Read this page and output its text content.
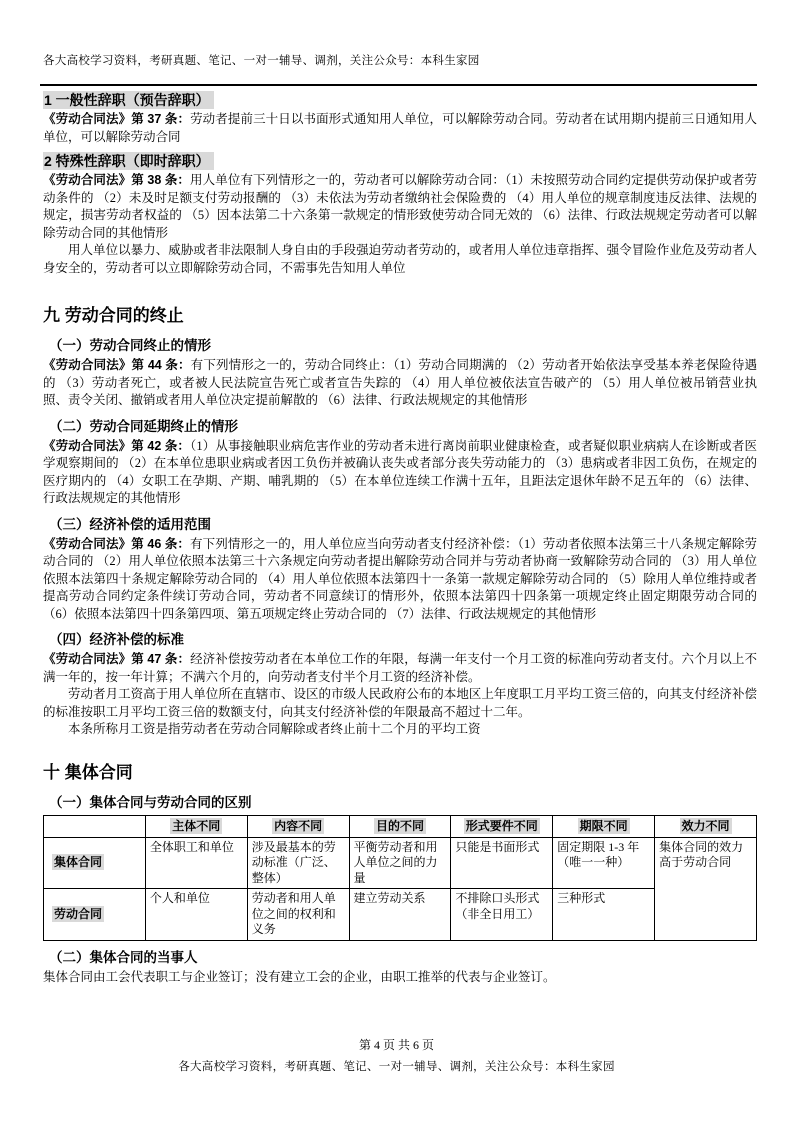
各大高校学习资料，考研真题、笔记、一对一辅导、调剂，关注公众号：本科生家园
1 一般性辞职（预告辞职）

《劳动合同法》第 37 条：劳动者提前三十日以书面形式通知用人单位，可以解除劳动合同。劳动者在试用期内提前三日通知用人单位，可以解除劳动合同

2 特殊性辞职（即时辞职）

《劳动合同法》第 38 条：用人单位有下列情形之一的，劳动者可以解除劳动合同：（1）未按照劳动合同约定提供劳动保护或者劳动条件的 （2）未及时足额支付劳动报酬的 （3）未依法为劳动者缴纳社会保险费的 （4）用人单位的规章制度违反法律、法规的规定，损害劳动者权益的 （5）因本法第二十六条第一款规定的情形致使劳动合同无效的 （6）法律、行政法规规定劳动者可以解除劳动合同的其他情形

用人单位以暴力、威胁或者非法限制人身自由的手段强迫劳动者劳动的，或者用人单位违章指挥、强令冒险作业危及劳动者人身安全的，劳动者可以立即解除劳动合同，不需事先告知用人单位

九 劳动合同的终止
（一）劳动合同终止的情形

《劳动合同法》第 44 条：有下列情形之一的，劳动合同终止：（1）劳动合同期满的 （2）劳动者开始依法享受基本养老保险待遇的 （3）劳动者死亡，或者被人民法院宣告死亡或者宣告失踪的 （4）用人单位被依法宣告破产的 （5）用人单位被吊销营业执照、责令关闭、撤销或者用人单位决定提前解散的 （6）法律、行政法规规定的其他情形

（二）劳动合同延期终止的情形

《劳动合同法》第 42 条：（1）从事接触职业病危害作业的劳动者未进行离岗前职业健康检查，或者疑似职业病病人在诊断或者医学观察期间的 （2）在本单位患职业病或者因工负伤并被确认丧失或者部分丧失劳动能力的 （3）患病或者非因工负伤，在规定的医疗期内的 （4）女职工在孕期、产期、哺乳期的 （5）在本单位连续工作满十五年，且距法定退休年龄不足五年的 （6）法律、行政法规规定的其他情形

（三）经济补偿的适用范围

《劳动合同法》第 46 条：有下列情形之一的，用人单位应当向劳动者支付经济补偿：（1）劳动者依照本法第三十八条规定解除劳动合同的 （2）用人单位依照本法第三十六条规定向劳动者提出解除劳动合同并与劳动者协商一致解除劳动合同的 （3）用人单位依照本法第四十条规定解除劳动合同的 （4）用人单位依照本法第四十一条第一款规定解除劳动合同的 （5）除用人单位维持或者提高劳动合同约定条件续订劳动合同，劳动者不同意续订的情形外，依照本法第四十四条第一项规定终止固定期限劳动合同的 （6）依照本法第四十四条第四项、第五项规定终止劳动合同的 （7）法律、行政法规规定的其他情形

（四）经济补偿的标准

《劳动合同法》第 47 条：经济补偿按劳动者在本单位工作的年限，每满一年支付一个月工资的标准向劳动者支付。六个月以上不满一年的，按一年计算；不满六个月的，向劳动者支付半个月工资的经济补偿。

劳动者月工资高于用人单位所在直辖市、设区的市级人民政府公布的本地区上年度职工月平均工资三倍的，向其支付经济补偿的标准按职工月平均工资三倍的数额支付，向其支付经济补偿的年限最高不超过十二年。

本条所称月工资是指劳动者在劳动合同解除或者终止前十二个月的平均工资

十 集体合同
（一）集体合同与劳动合同的区别
	主体不同	内容不同	目的不同	形式要件不同	期限不同	效力不同
集体合同	全体职工和单位	涉及最基本的劳动标准（广泛、整体）	平衡劳动者和用人单位之间的力量	只能是书面形式	固定期限 1-3 年（唯一一种）	集体合同的效力高于劳动合同
劳动合同	个人和单位	劳动者和用人单位之间的权利和义务	建立劳动关系	不排除口头形式（非全日用工）	三种形式	
（二）集体合同的当事人

集体合同由工会代表职工与企业签订；没有建立工会的企业，由职工推举的代表与企业签订。

第 4 页 共 6 页
各大高校学习资料，考研真题、笔记、一对一辅导、调剂，关注公众号：本科生家园
